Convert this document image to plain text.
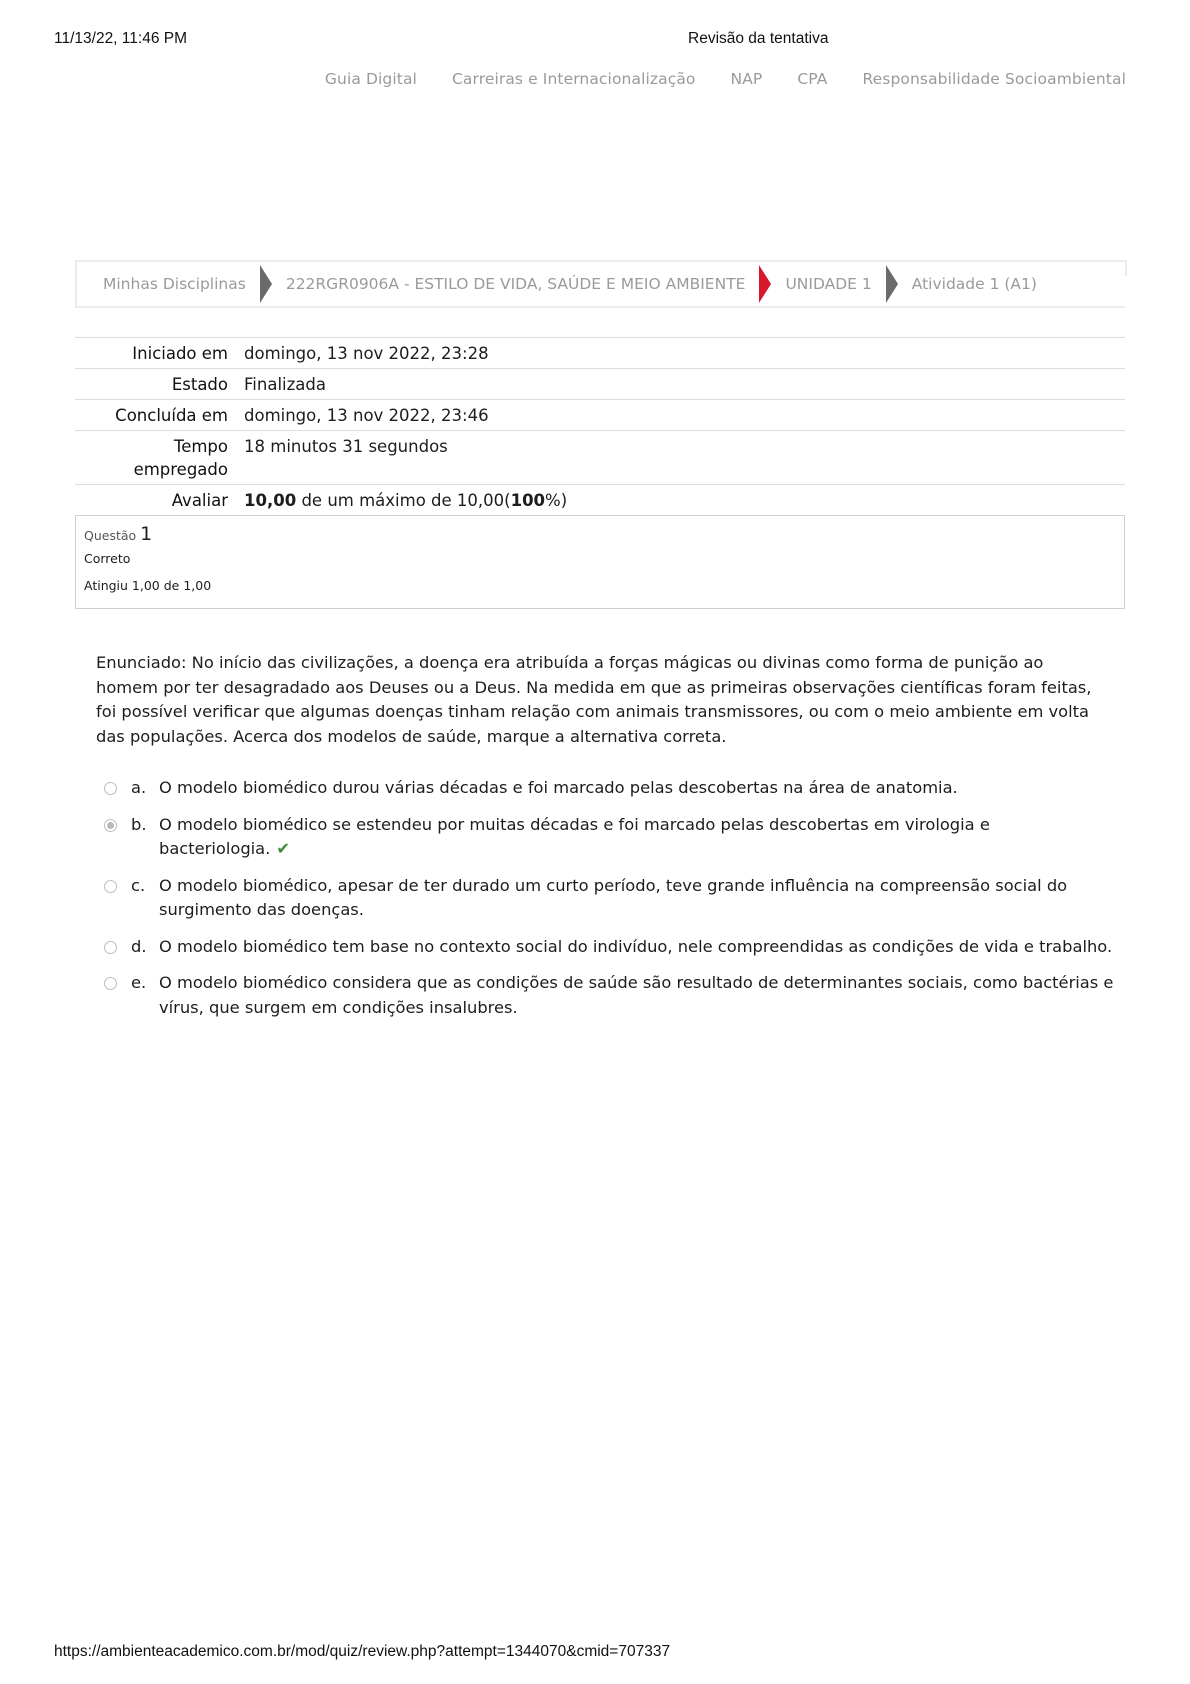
11/13/22, 11:46 PM	Revisão da tentativa
Guia Digital Carreiras e Internacionalização NAP CPA Responsabilidade Socioambiental
Minhas Disciplinas	222RGR0906A - ESTILO DE VIDA, SAÚDE E MEIO AMBIENTE	UNIDADE 1	Atividade 1 (A1)
Iniciado em	domingo, 13 nov 2022, 23:28
Estado	Finalizada
Concluída em	domingo, 13 nov 2022, 23:46
Tempo empregado	18 minutos 31 segundos
Avaliar	10,00 de um máximo de 10,00(100%)
Questão 1
Correto
Atingiu 1,00 de 1,00
Enunciado: No início das civilizações, a doença era atribuída a forças mágicas ou divinas como forma de punição ao homem por ter desagradado aos Deuses ou a Deus. Na medida em que as primeiras observações científicas foram feitas, foi possível verificar que algumas doenças tinham relação com animais transmissores, ou com o meio ambiente em volta das populações. Acerca dos modelos de saúde, marque a alternativa correta.
a. O modelo biomédico durou várias décadas e foi marcado pelas descobertas na área de anatomia.
b. O modelo biomédico se estendeu por muitas décadas e foi marcado pelas descobertas em virologia e bacteriologia. ✔
c. O modelo biomédico, apesar de ter durado um curto período, teve grande influência na compreensão social do surgimento das doenças.
d. O modelo biomédico tem base no contexto social do indivíduo, nele compreendidas as condições de vida e trabalho.
e. O modelo biomédico considera que as condições de saúde são resultado de determinantes sociais, como bactérias e vírus, que surgem em condições insalubres.
https://ambienteacademico.com.br/mod/quiz/review.php?attempt=1344070&cmid=707337
